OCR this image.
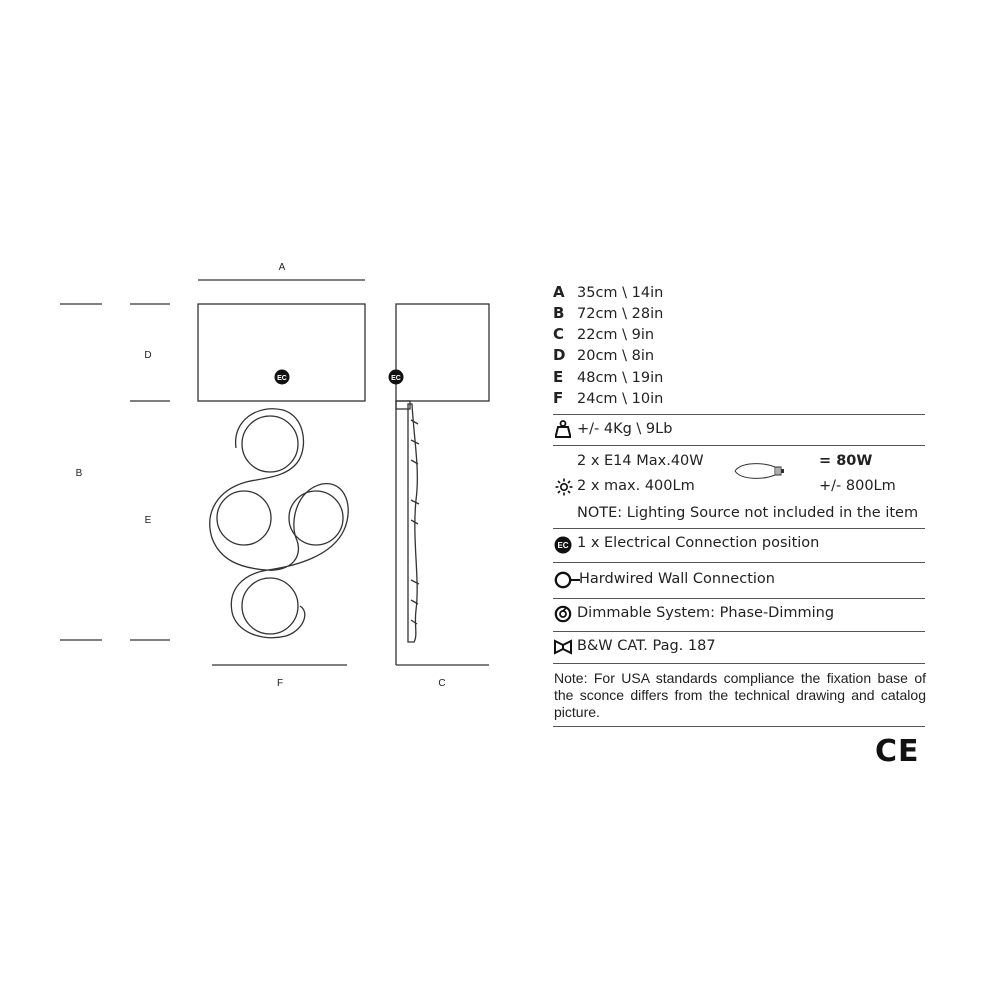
EC	EC
A
B
D
E
F	C
A 35cm \ 14in
B 72cm \ 28in
C 22cm \ 9in
D 20cm \ 8in
E 48cm \ 19in
F 24cm \ 10in
+/- 4Kg \ 9Lb
2 x E14 Max.40W	= 80W
2 x max. 400Lm	+/- 800Lm
NOTE: Lighting Source not included in the item
EC 1 x Electrical Connection position
Hardwired Wall Connection
Dimmable System: Phase-Dimming
B&W CAT. Pag. 187
Note: For USA standards compliance the fixation base of the sconce differs from the technical drawing and catalog picture.
CE
